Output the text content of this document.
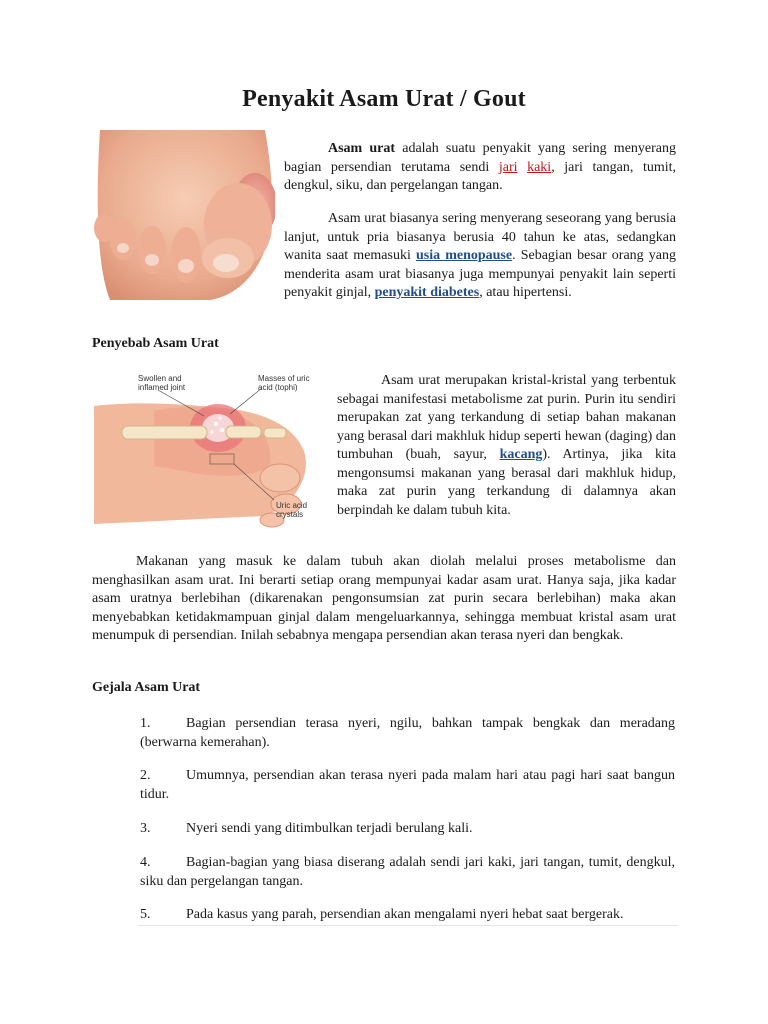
Penyakit Asam Urat / Gout

Asam urat adalah suatu penyakit yang sering menyerang bagian persendian terutama sendi jari kaki, jari tangan, tumit, dengkul, siku, dan pergelangan tangan.

Asam urat biasanya sering menyerang seseorang yang berusia lanjut, untuk pria biasanya berusia 40 tahun ke atas, sedangkan wanita saat memasuki usia menopause. Sebagian besar orang yang menderita asam urat biasanya juga mempunyai penyakit lain seperti penyakit ginjal, penyakit diabetes, atau hipertensi.

Penyebab Asam Urat
Swollen and
inflamed joint
Masses of uric
acid (tophi)
Uric acid
crystals

Asam urat merupakan kristal-kristal yang terbentuk sebagai manifestasi metabolisme zat purin. Purin itu sendiri merupakan zat yang terkandung di setiap bahan makanan yang berasal dari makhluk hidup seperti hewan (daging) dan tumbuhan (buah, sayur, kacang). Artinya, jika kita mengonsumsi makanan yang berasal dari makhluk hidup, maka zat purin yang terkandung di dalamnya akan berpindah ke dalam tubuh kita.

Makanan yang masuk ke dalam tubuh akan diolah melalui proses metabolisme dan menghasilkan asam urat. Ini berarti setiap orang mempunyai kadar asam urat. Hanya saja, jika kadar asam uratnya berlebihan (dikarenakan pengonsumsian zat purin secara berlebihan) maka akan menyebabkan ketidakmampuan ginjal dalam mengeluarkannya, sehingga membuat kristal asam urat menumpuk di persendian. Inilah sebabnya mengapa persendian akan terasa nyeri dan bengkak.

Gejala Asam Urat

1.	Bagian persendian terasa nyeri, ngilu, bahkan tampak bengkak dan meradang (berwarna kemerahan).

2.	Umumnya, persendian akan terasa nyeri pada malam hari atau pagi hari saat bangun tidur.

3.	Nyeri sendi yang ditimbulkan terjadi berulang kali.

4.	Bagian-bagian yang biasa diserang adalah sendi jari kaki, jari tangan, tumit, dengkul, siku dan pergelangan tangan.

5.	Pada kasus yang parah, persendian akan mengalami nyeri hebat saat bergerak.
